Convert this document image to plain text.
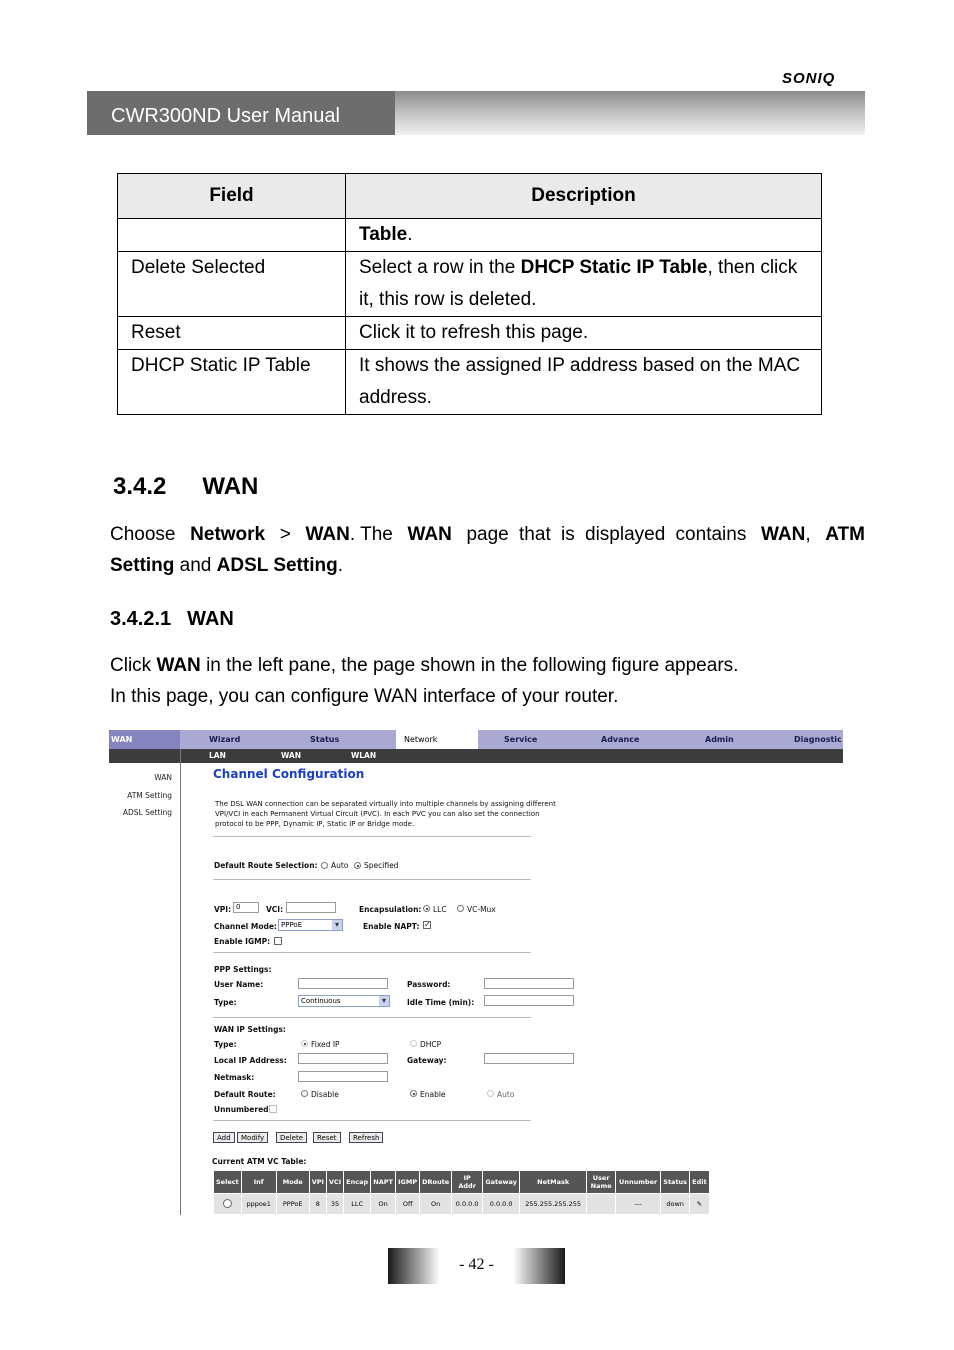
SONIQ
CWR300ND User Manual
Field	Description
	Table.
Delete Selected	Select a row in the DHCP Static IP Table, then click it, this row is deleted.
Reset	Click it to refresh this page.
DHCP Static IP Table	It shows the assigned IP address based on the MAC address.
3.4.2 WAN
Choose Network > WAN. The WAN page that is displayed contains WAN, ATM
Setting and ADSL Setting.
3.4.2.1 WAN
Click WAN in the left pane, the page shown in the following figure appears.
In this page, you can configure WAN interface of your router.
WAN	Wizard	Status	Network	Service	Advance	Admin	Diagnostic
LAN	WAN	WLAN
WAN
ATM Setting
ADSL Setting
Channel Configuration
The DSL WAN connection can be separated virtually into multiple channels by assigning different
VPI/VCI in each Permanent Virtual Circuit (PVC). In each PVC you can also set the connection
protocol to be PPP, Dynamic IP, Static IP or Bridge mode.
Default Route Selection: Auto Specified
VPI: 0	VCI:	Encapsulation: LLC	VC-Mux
Channel Mode: PPPoE ▾	Enable NAPT: ✓
Enable IGMP:
PPP Settings:
User Name:	Password:
Type:	Continuous ▾	Idle Time (min):
WAN IP Settings:
Type:	Fixed IP	DHCP
Local IP Address:	Gateway:
Netmask:
Default Route:	Disable	Enable	Auto
Unnumbered
Add	Modify	Delete	Reset	Refresh
Current ATM VC Table:
Select	Inf	Mode	VPI	VCI	Encap	NAPT	IGMP	DRoute	IP Addr	Gateway	NetMask	User Name	Unnumber	Status	Edit
	pppoe1	PPPoE	8	35	LLC	On	Off	On	0.0.0.0	0.0.0.0	255.255.255.255		---	down	✎
- 42 -
